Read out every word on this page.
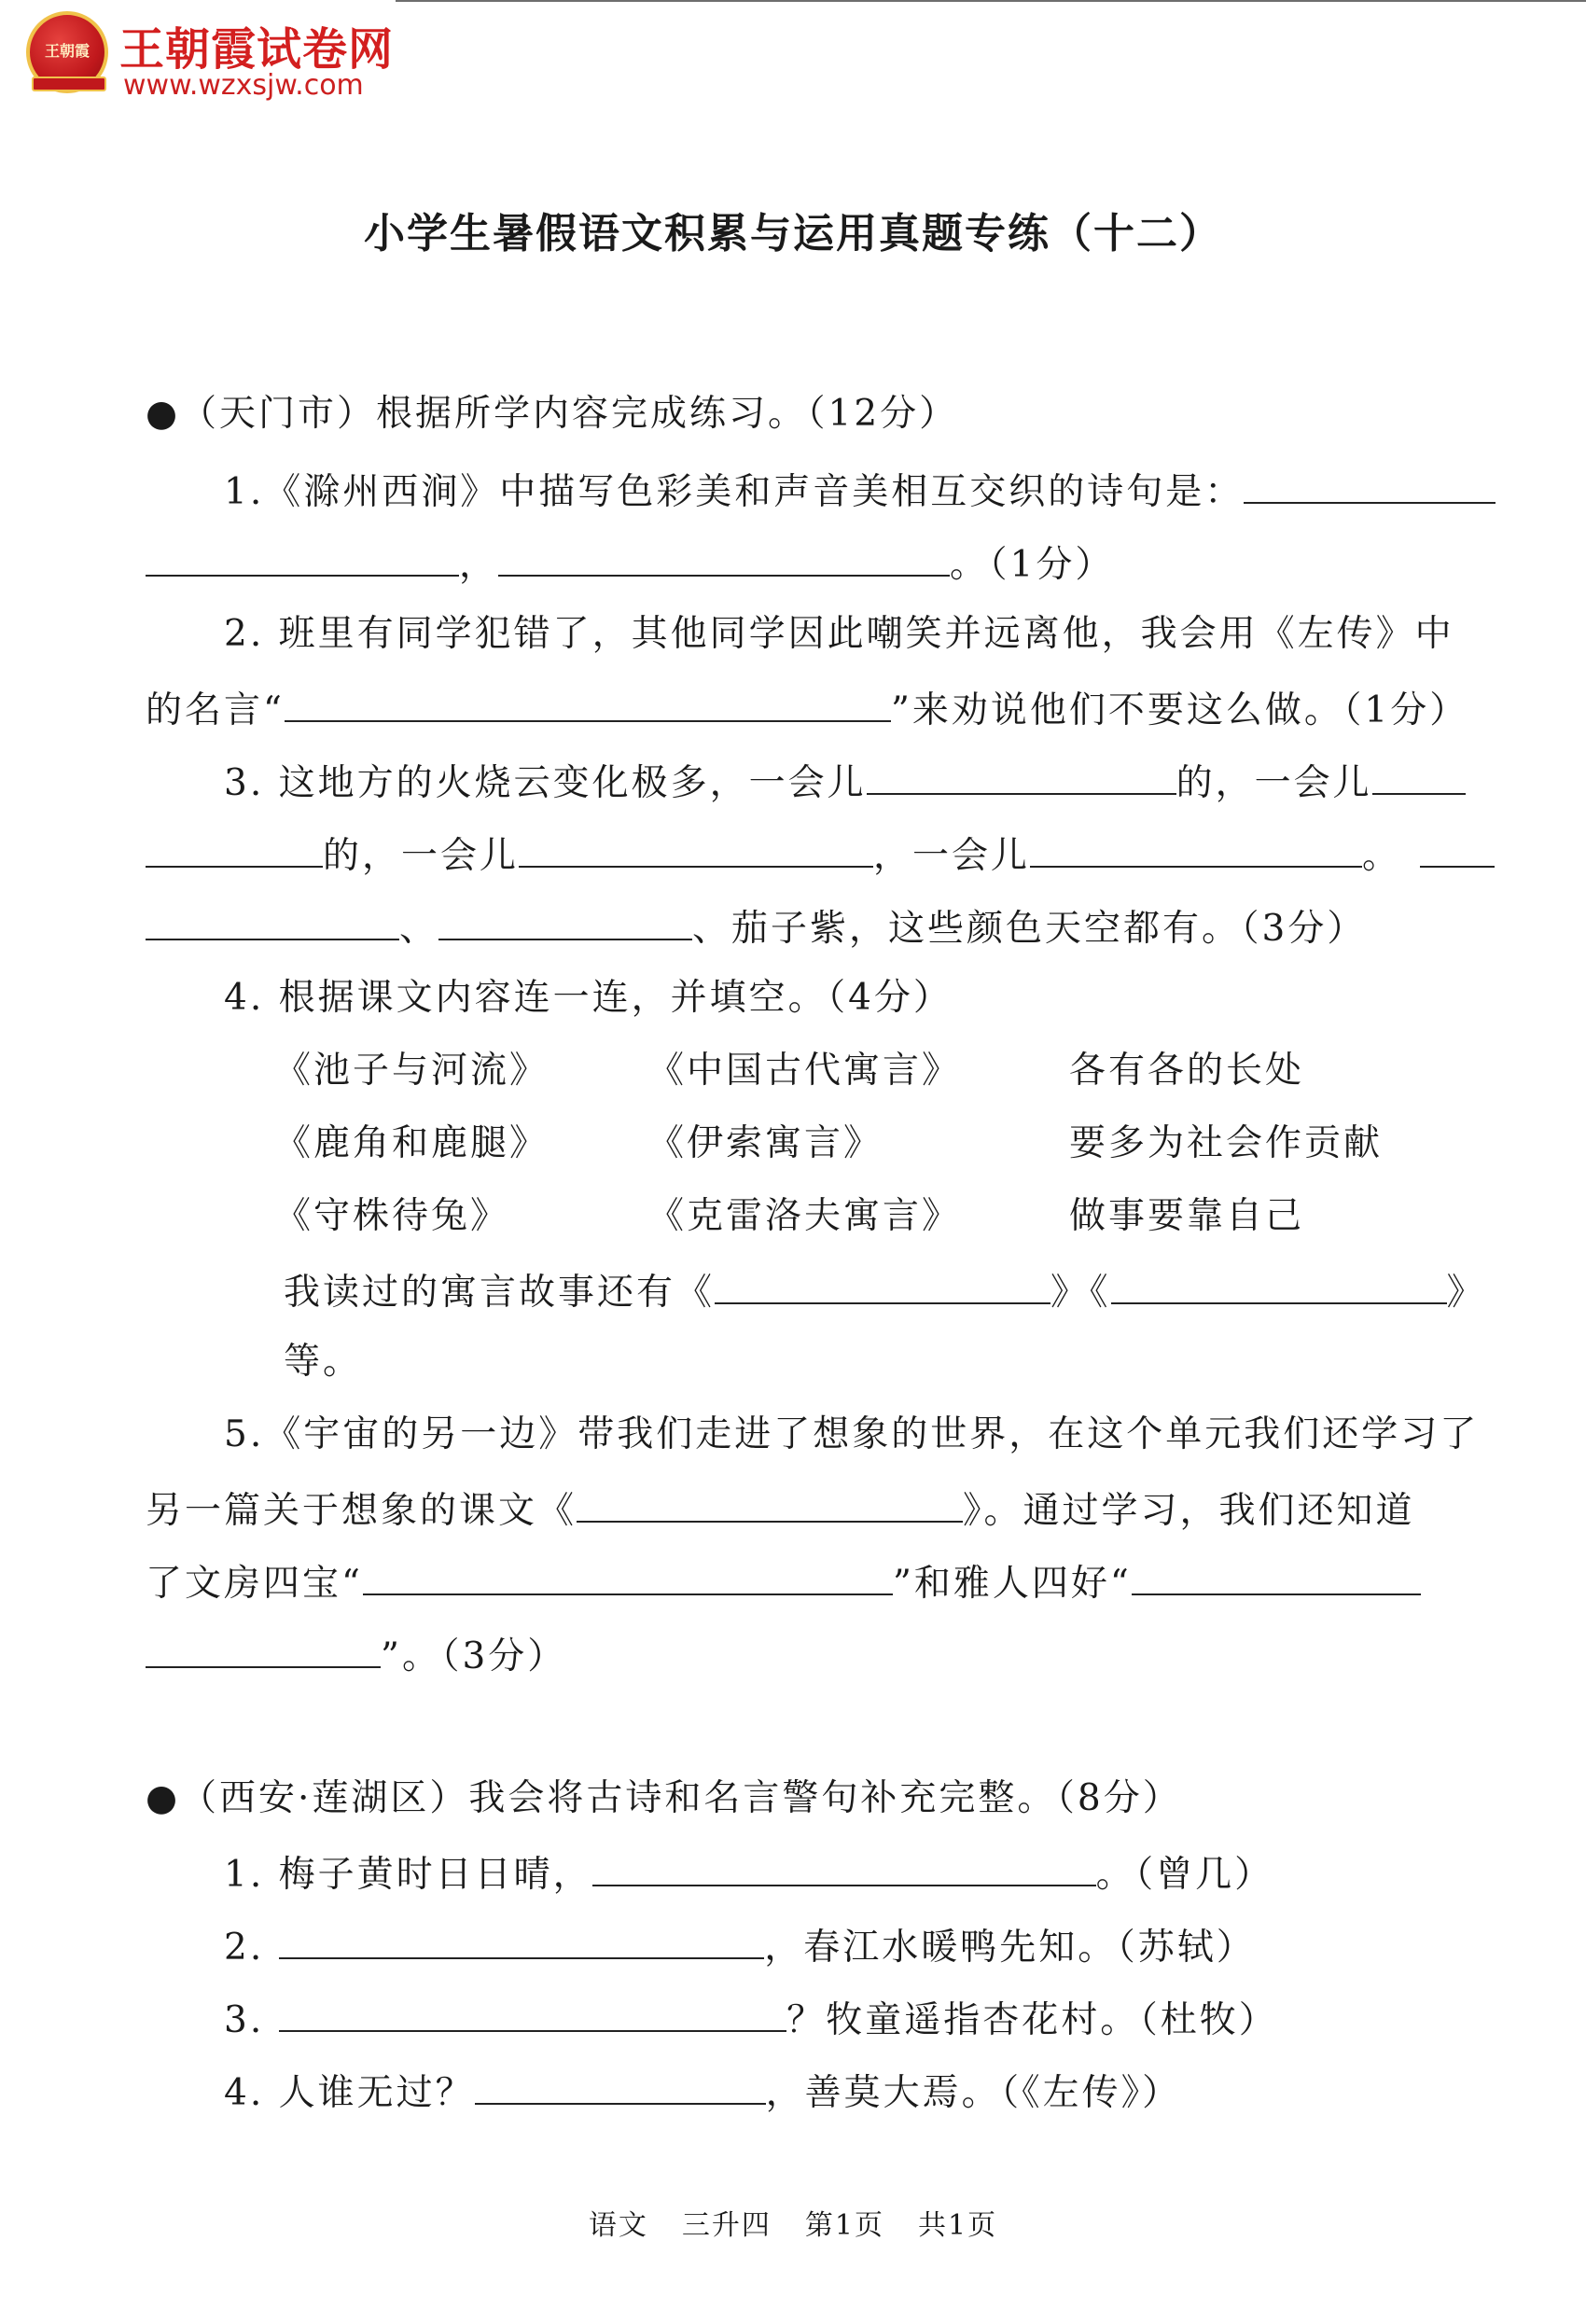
王朝霞 王朝霞试卷网
www.wzxsjw.com
小学生暑假语文积累与运用真题专练（十二）
●（天门市）根据所学内容完成练习。（12分）
1.《滁州西涧》中描写色彩美和声音美相互交织的诗句是：
，	。（1分）
2. 班里有同学犯错了，其他同学因此嘲笑并远离他，我会用《左传》中
的名言“	”来劝说他们不要这么做。（1分）
3. 这地方的火烧云变化极多，一会儿	的，一会儿
的，一会儿	，一会儿	。
、	、茄子紫，这些颜色天空都有。（3分）
4. 根据课文内容连一连，并填空。（4分）
《池子与河流》	《中国古代寓言》	各有各的长处
《鹿角和鹿腿》	《伊索寓言》	要多为社会作贡献
《守株待兔》	《克雷洛夫寓言》	做事要靠自己
我读过的寓言故事还有《	》《	》
等。
5.《宇宙的另一边》带我们走进了想象的世界，在这个单元我们还学习了
另一篇关于想象的课文《	》。通过学习，我们还知道
了文房四宝“	”和雅人四好“
”。（3分）
●（西安·莲湖区）我会将古诗和名言警句补充完整。（8分）
1. 梅子黄时日日晴，	。（曾几）
2.	，春江水暖鸭先知。（苏轼）
3.	？牧童遥指杏花村。（杜牧）
4. 人谁无过？	，善莫大焉。（《左传》）
语文 三升四 第1页 共1页
